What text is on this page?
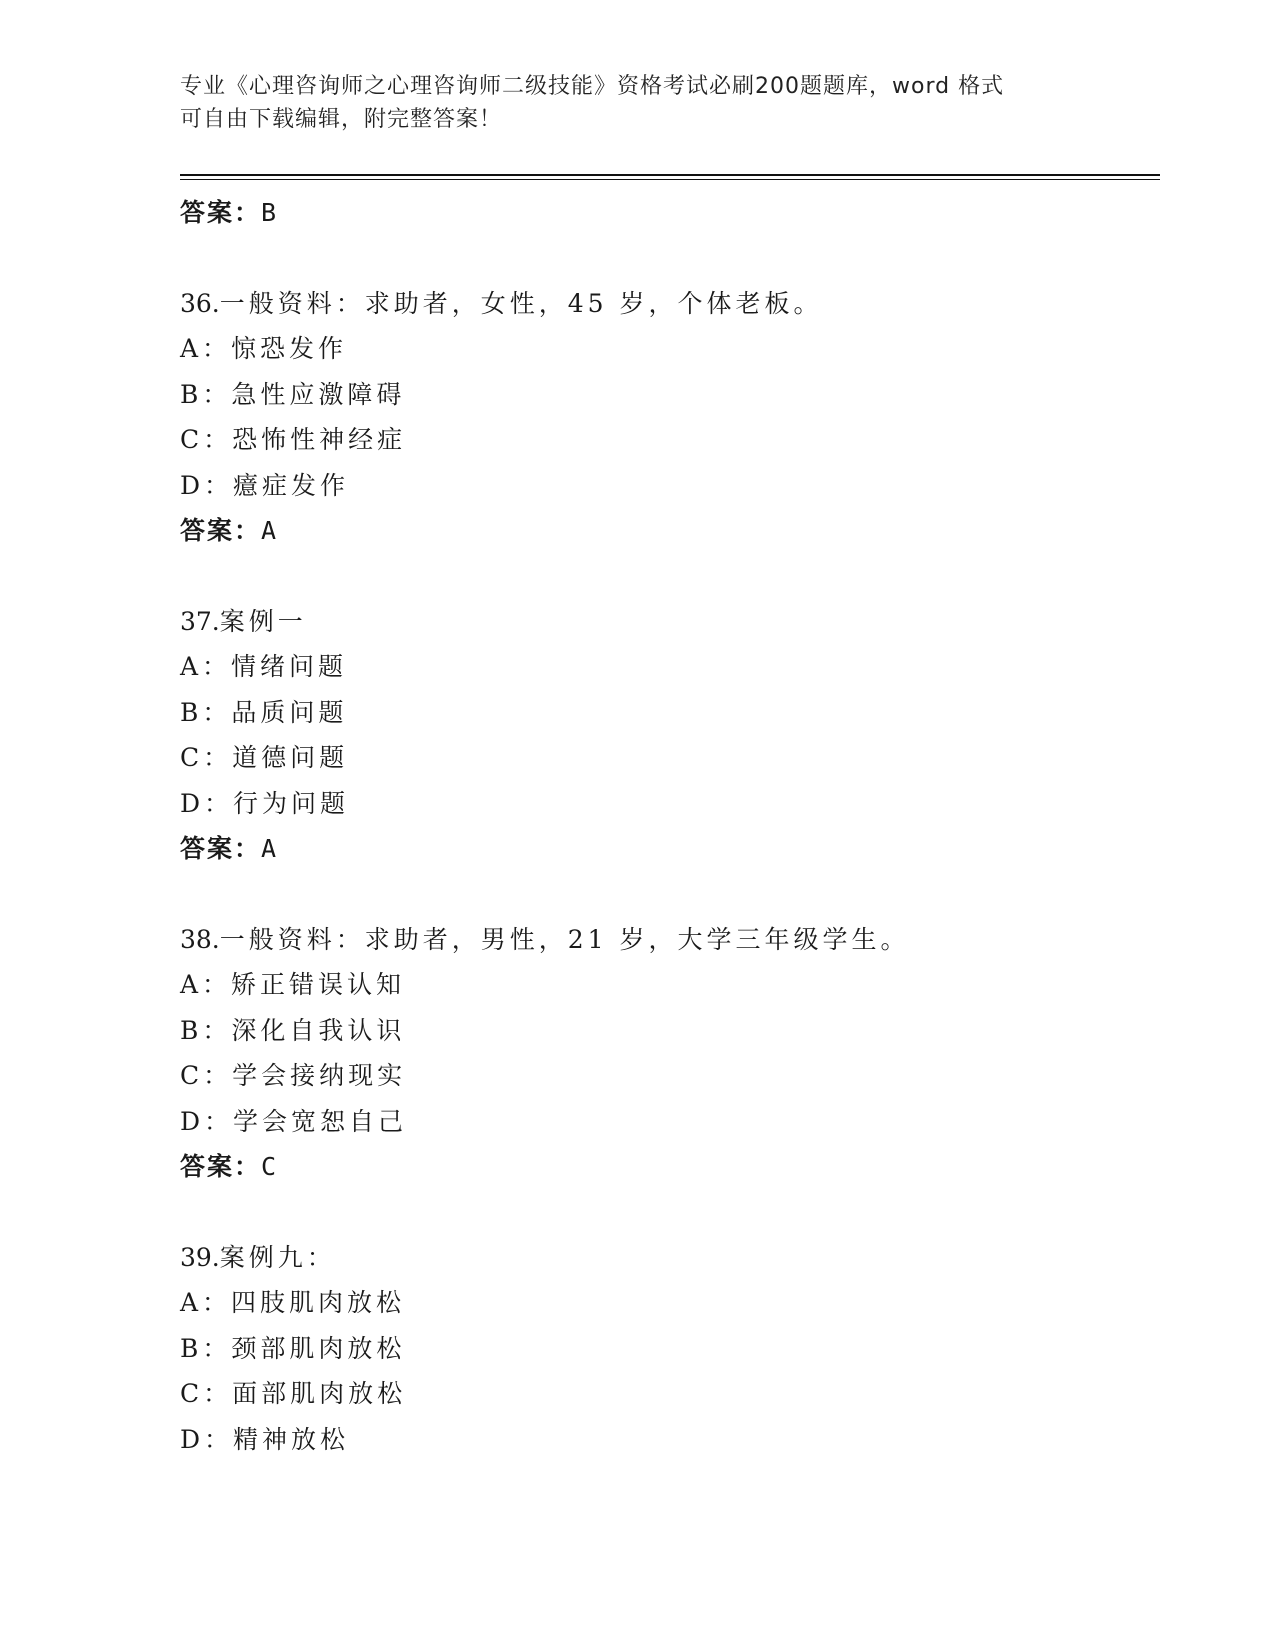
专业《心理咨询师之心理咨询师二级技能》资格考试必刷200题题库，word 格式
可自由下载编辑，附完整答案！
答案：B
36.一般资料：求助者，女性，45 岁，个体老板。
A：惊恐发作
B：急性应激障碍
C：恐怖性神经症
D：癔症发作
答案：A
37.案例一
A：情绪问题
B：品质问题
C：道德问题
D：行为问题
答案：A
38.一般资料：求助者，男性，21 岁，大学三年级学生。
A：矫正错误认知
B：深化自我认识
C：学会接纳现实
D：学会宽恕自己
答案：C
39.案例九：
A：四肢肌肉放松
B：颈部肌肉放松
C：面部肌肉放松
D：精神放松
